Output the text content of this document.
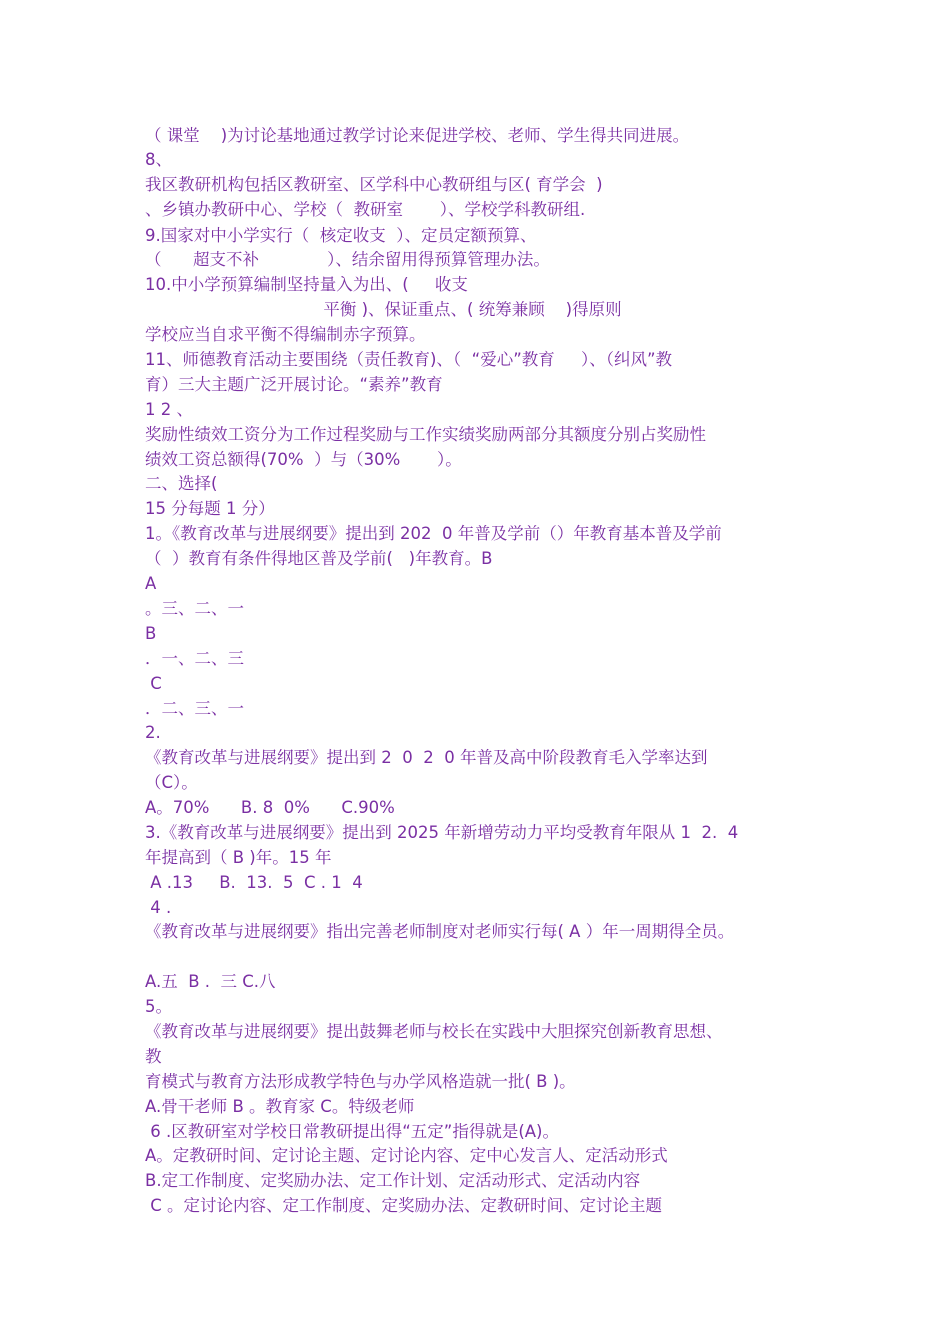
（ 课堂    )为讨论基地通过教学讨论来促进学校、老师、学生得共同进展。
8、
我区教研机构包括区教研室、区学科中心教研组与区( 育学会  )
、乡镇办教研中心、学校（  教研室       ）、学校学科教研组.
9.国家对中小学实行（  核定收支  ）、定员定额预算、
（      超支不补             ）、结余留用得预算管理办法。
10.中小学预算编制坚持量入为出、(     收支
平衡 )、保证重点、( 统筹兼顾    )得原则
学校应当自求平衡不得编制赤字预算。
11、师德教育活动主要围绕（责任教育)、（  “爱心”教育     ）、（纠风”教
育）三大主题广泛开展讨论。“素养”教育
1 2 、
奖励性绩效工资分为工作过程奖励与工作实绩奖励两部分其额度分别占奖励性
绩效工资总额得(70%  ）与（30%       ）。
二、选择(
15 分每题 1 分）
1。《教育改革与进展纲要》提出到 202  0 年普及学前（）年教育基本普及学前
（  ）教育有条件得地区普及学前(   )年教育。B
A
。三、二、一
B
．一、二、三
C
．二、三、一
2.
《教育改革与进展纲要》提出到 2  0  2  0 年普及高中阶段教育毛入学率达到
（C）。
A。70%      B. 8  0%      C.90%
3.《教育改革与进展纲要》提出到 2025 年新增劳动力平均受教育年限从 1  2.  4
年提高到（ B )年。15 年
A .13     B.  13.  5  C . 1  4
4 .
《教育改革与进展纲要》指出完善老师制度对老师实行每( A ）年一周期得全员。
A.五  B .  三 C.八
5。
《教育改革与进展纲要》提出鼓舞老师与校长在实践中大胆探究创新教育思想、
教
育模式与教育方法形成教学特色与办学风格造就一批( B )。
A.骨干老师 B 。教育家 C。特级老师
6 .区教研室对学校日常教研提出得“五定”指得就是(A)。
A。定教研时间、定讨论主题、定讨论内容、定中心发言人、定活动形式
B.定工作制度、定奖励办法、定工作计划、定活动形式、定活动内容
C 。定讨论内容、定工作制度、定奖励办法、定教研时间、定讨论主题
